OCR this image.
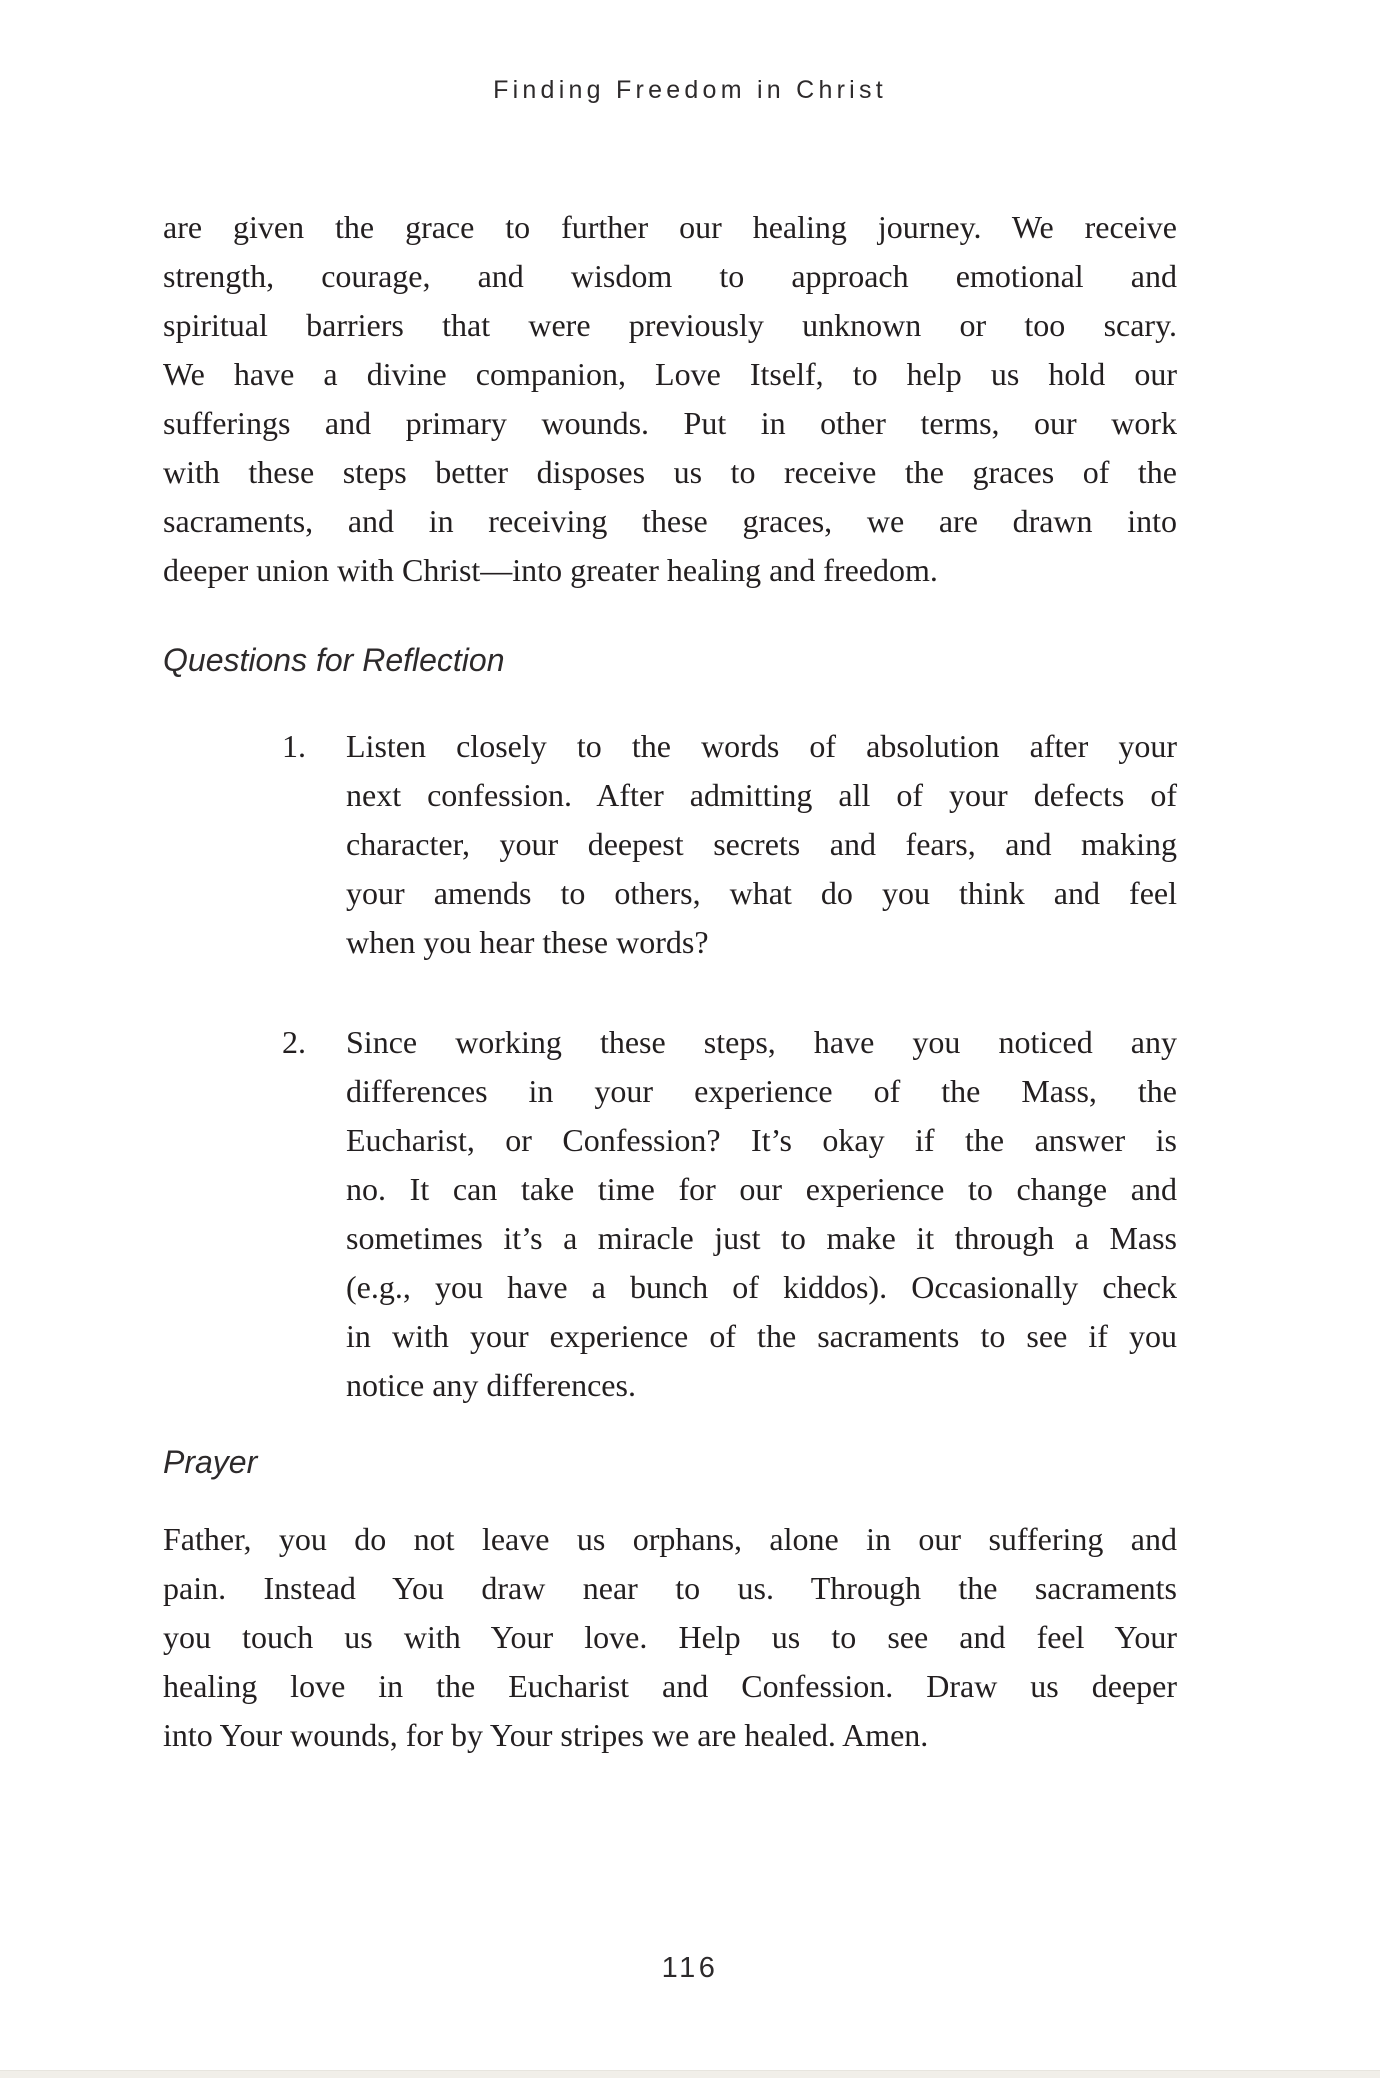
Finding Freedom in Christ
are given the grace to further our healing journey. We receive
strength, courage, and wisdom to approach emotional and
spiritual barriers that were previously unknown or too scary.
We have a divine companion, Love Itself, to help us hold our
sufferings and primary wounds. Put in other terms, our work
with these steps better disposes us to receive the graces of the
sacraments, and in receiving these graces, we are drawn into
deeper union with Christ—into greater healing and freedom.
Questions for Reflection
1.	Listen closely to the words of absolution after your
next confession. After admitting all of your defects of
character, your deepest secrets and fears, and making
your amends to others, what do you think and feel
when you hear these words?
2.	Since working these steps, have you noticed any
differences in your experience of the Mass, the
Eucharist, or Confession? It’s okay if the answer is
no. It can take time for our experience to change and
sometimes it’s a miracle just to make it through a Mass
(e.g., you have a bunch of kiddos). Occasionally check
in with your experience of the sacraments to see if you
notice any differences.
Prayer
Father, you do not leave us orphans, alone in our suffering and
pain. Instead You draw near to us. Through the sacraments
you touch us with Your love. Help us to see and feel Your
healing love in the Eucharist and Confession. Draw us deeper
into Your wounds, for by Your stripes we are healed. Amen.
116
